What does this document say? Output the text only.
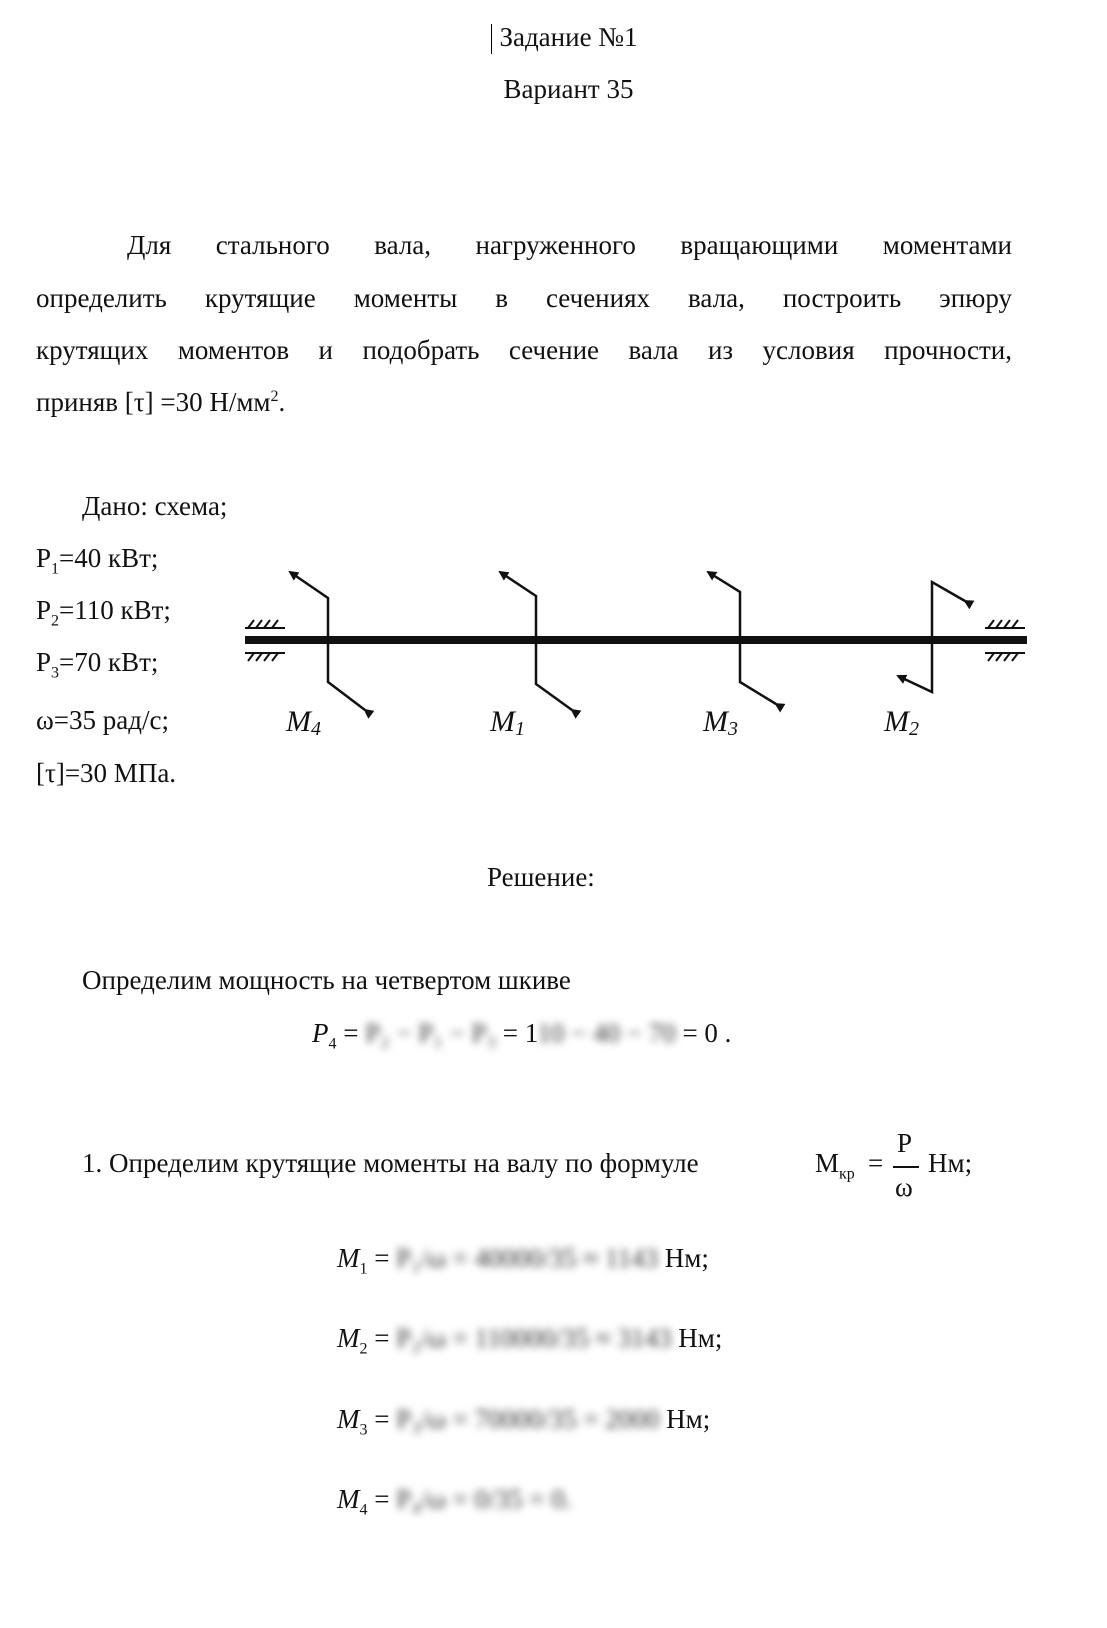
Задание №1
Вариант 35
Для стального вала, нагруженного вращающими моментами
определить крутящие моменты в сечениях вала, построить эпюру
крутящих моментов и подобрать сечение вала из условия прочности,
приняв [τ] =30 $Н/мм^2$.
Дано: схема;
$P_1=40$ кВт;
$P_2=110$ кВт;
$P_3=70$ кВт;
ω=35 рад/с;
[τ]=30 МПа.
M4	M1	M3	M2
Решение:
Определим мощность на четвертом шкиве
$P_4 = P_2 - P_1 - P_3 = 110 - 40 - 70 = 0$ .
1. Определим крутящие моменты на валу по формуле	$М_{кр}$ =
P
ω
Нм;
$M_1 = P_1/\omega = 40000/35 \approx 1143$ Нм;
$M_2 = P_2/\omega = 110000/35 \approx 3143$ Нм;
$M_3 = P_3/\omega = 70000/35 = 2000$ Нм;
$M_4 = P_4/\omega = 0/35 = 0$.
